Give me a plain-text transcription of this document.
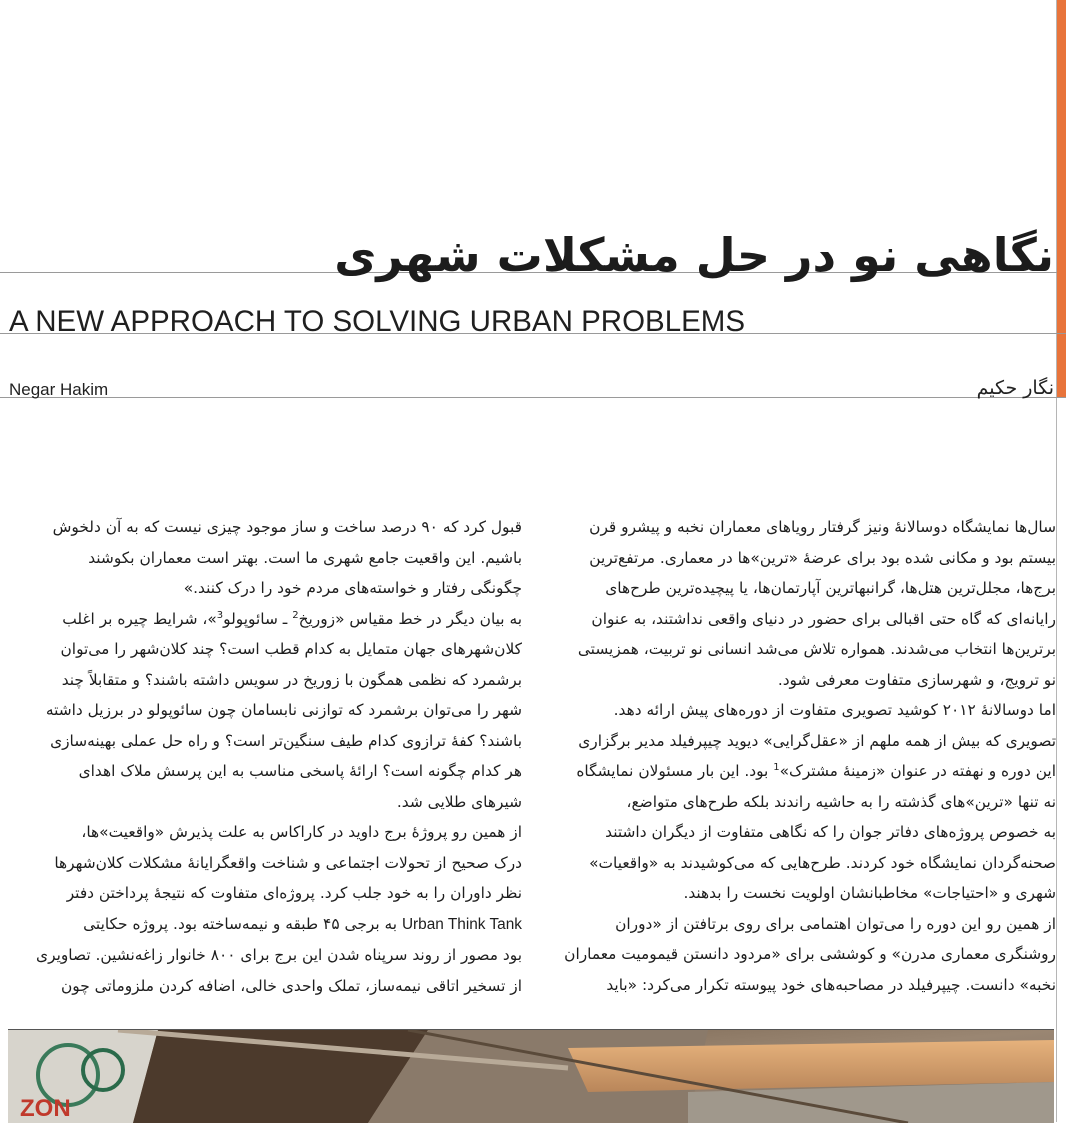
نگاهی نو در حل مشکلات شهری
A NEW APPROACH TO SOLVING URBAN PROBLEMS
Negar Hakim	نگار حکیم
سال‌ها نمایشگاه دوسالانهٔ ونیز گرفتار رویاهای معماران نخبه و پیشرو قرن
بیستم بود و مکانی شده بود برای عرضهٔ «ترین»ها در معماری. مرتفع‌ترین
برج‌ها، مجلل‌ترین هتل‌ها، گرانبهاترین آپارتمان‌ها، یا پیچیده‌ترین طرح‌های
رایانه‌ای که گاه حتی اقبالی برای حضور در دنیای واقعی نداشتند، به عنوان
برترین‌ها انتخاب می‌شدند. همواره تلاش می‌شد انسانی نو تربیت، همزیستی
نو ترویج، و شهرسازی متفاوت معرفی شود.
اما دوسالانهٔ ۲۰۱۲ کوشید تصویری متفاوت از دوره‌های پیش ارائه دهد.
تصویری که بیش از همه ملهم از «عقل‌گرایی» دیوید چیپرفیلد مدیر برگزاری
این دوره و نهفته در عنوان «زمینهٔ مشترک»$^1$ بود. این بار مسئولان نمایشگاه
نه تنها «ترین»های گذشته را به حاشیه راندند بلکه طرح‌های متواضع،
به خصوص پروژه‌های دفاتر جوان را که نگاهی متفاوت از دیگران داشتند
صحنه‌گردان نمایشگاه خود کردند. طرح‌هایی که می‌کوشیدند به «واقعیات»
شهری و «احتیاجات» مخاطبانشان اولویت نخست را بدهند.
از همین رو این دوره را می‌توان اهتمامی برای روی برتافتن از «دوران
روشنگری معماری مدرن» و کوششی برای «مردود دانستن قیمومیت معماران
نخبه» دانست. چیپرفیلد در مصاحبه‌های خود پیوسته تکرار می‌کرد: «باید
قبول کرد که ۹۰ درصد ساخت و ساز موجود چیزی نیست که به آن دلخوش
باشیم. این واقعیت جامع شهری ما است. بهتر است معماران بکوشند
چگونگی رفتار و خواسته‌های مردم خود را درک کنند.»
به بیان دیگر در خط مقیاس «زوریخ$^2$ ـ سائوپولو$^3$»، شرایط چیره بر اغلب
کلان‌شهرهای جهان متمایل به کدام قطب است؟ چند کلان‌شهر را می‌توان
برشمرد که نظمی همگون با زوریخ در سویس داشته باشند؟ و متقابلاً چند
شهر را می‌توان برشمرد که توازنی نابسامان چون سائوپولو در برزیل داشته
باشند؟ کفهٔ ترازوی کدام طیف سنگین‌تر است؟ و راه حل عملی بهینه‌سازی
هر کدام چگونه است؟ ارائهٔ پاسخی مناسب به این پرسش ملاک اهدای
شیرهای طلایی شد.
از همین رو پروژهٔ برج داوید در کاراکاس به علت پذیرش «واقعیت»ها،
درک صحیح از تحولات اجتماعی و شناخت واقعگرایانهٔ مشکلات کلان‌شهرها
نظر داوران را به خود جلب کرد. پروژه‌ای متفاوت که نتیجهٔ پرداختن دفتر
Urban Think Tank به برجی ۴۵ طبقه و نیمه‌ساخته بود. پروژه حکایتی
بود مصور از روند سرپناه شدن این برج برای ۸۰۰ خانوار زاغه‌نشین. تصاویری
از تسخیر اتاقی نیمه‌ساز، تملک واحدی خالی، اضافه کردن ملزوماتی چون
ZON
